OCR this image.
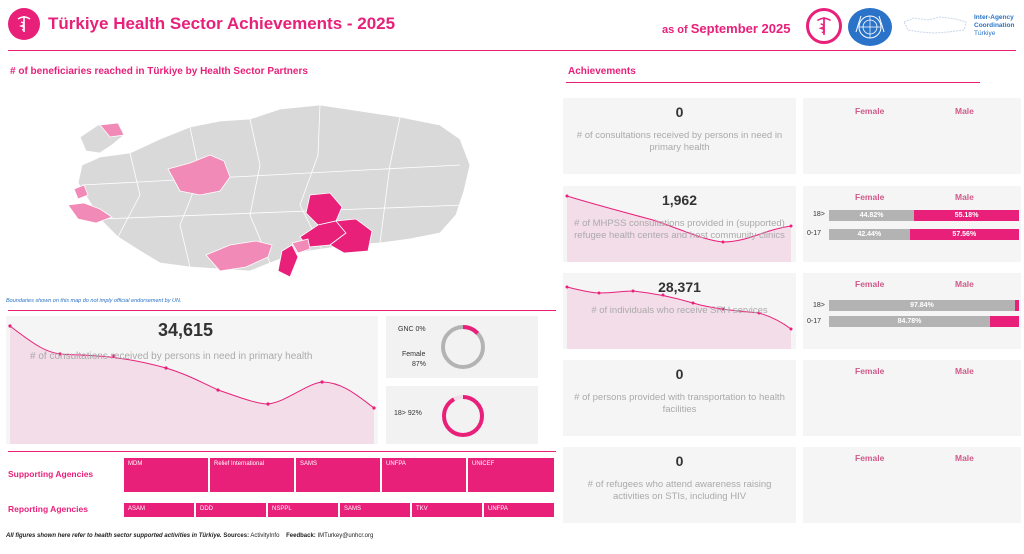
Türkiye Health Sector Achievements - 2025	as of September 2025
Inter-Agency
Coordination
Türkiye
# of beneficiaries reached in Türkiye by Health Sector Partners
Boundaries shown on this map do not imply official endorsement by UN.
34,615
# of consultations received by persons in need in primary health
GNC 0%
Female
87%
18> 92%
Supporting Agencies
MDM	Relief International	SAMS	UNFPA	UNICEF
Reporting Agencies	ASAM	DDD	NSPPL	SAMS	TKV	UNFPA
All figures shown here refer to health sector supported activities in Türkiye. Sources: ActivityInfo Feedback: IMTurkey@unhcr.org
Achievements
0
# of consultations received by persons in need in primary health
Female	Male
1,962
# of MHPSS consultations provided in (supported) refugee health centers and host community clinics
Female	Male
18>	44.82%	55.18%
0-17	42.44%	57.56%
28,371
# of individuals who receive SRH services
Female	Male
18>	97.84%
0-17	84.78%
0
# of persons provided with transportation to health facilities
Female	Male
0
# of refugees who attend awareness raising activities on STIs, including HIV
Female	Male
